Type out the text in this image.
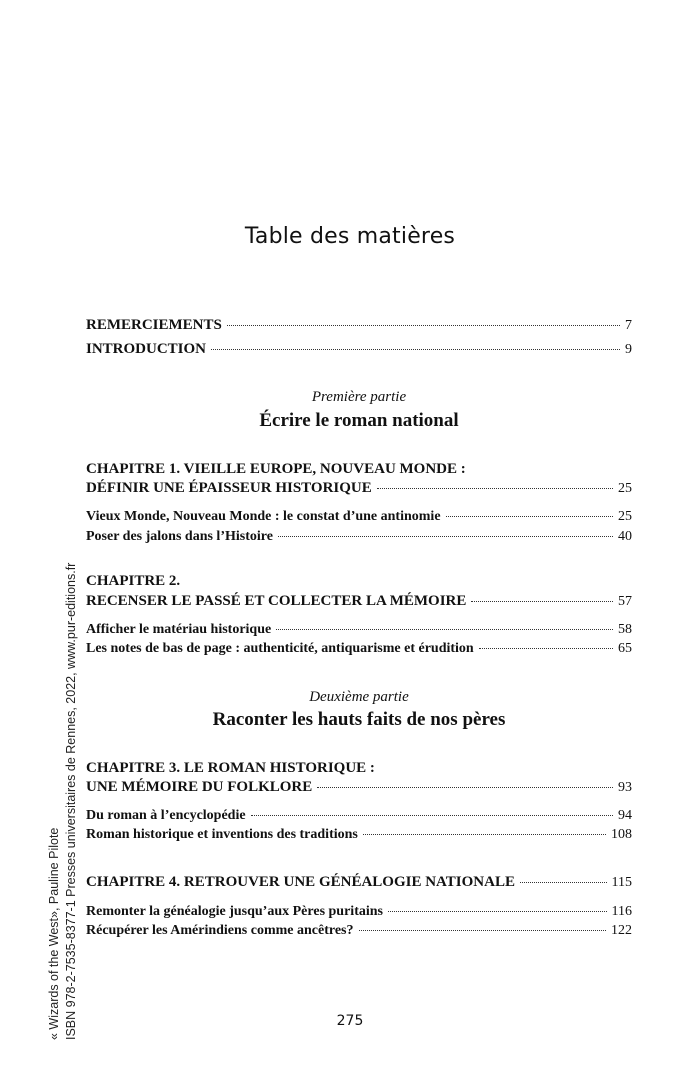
Table des matières
REMERCIEMENTS	7
INTRODUCTION	9
Première partie
Écrire le roman national
CHAPITRE 1. VIEILLE EUROPE, NOUVEAU MONDE :
DÉFINIR UNE ÉPAISSEUR HISTORIQUE	25
Vieux Monde, Nouveau Monde : le constat d’une antinomie	25
Poser des jalons dans l’Histoire	40
CHAPITRE 2.
RECENSER LE PASSÉ ET COLLECTER LA MÉMOIRE	57
Afficher le matériau historique	58
Les notes de bas de page : authenticité, antiquarisme et érudition	65
Deuxième partie
Raconter les hauts faits de nos pères
CHAPITRE 3. LE ROMAN HISTORIQUE :
UNE MÉMOIRE DU FOLKLORE	93
Du roman à l’encyclopédie	94
Roman historique et inventions des traditions	108
CHAPITRE 4. RETROUVER UNE GÉNÉALOGIE NATIONALE	115
Remonter la généalogie jusqu’aux Pères puritains	116
Récupérer les Amérindiens comme ancêtres?	122
« Wizards of the West», Pauline Pilote ISBN 978-2-7535-8377-1 Presses universitaires de Rennes, 2022, www.pur-editions.fr	275
